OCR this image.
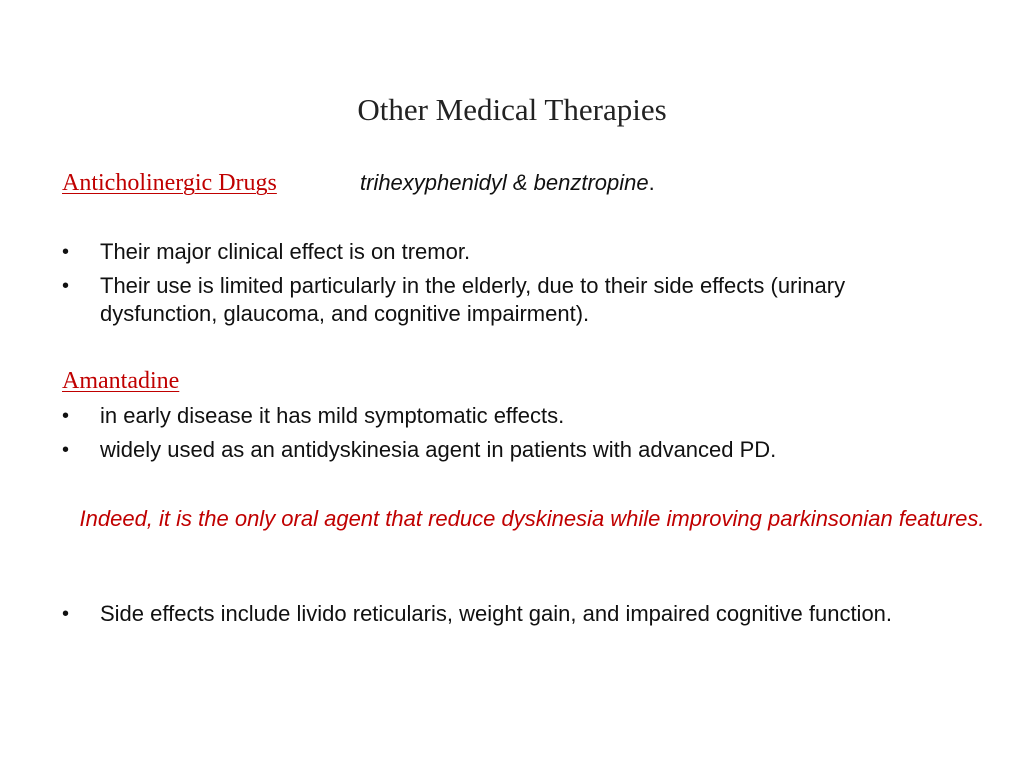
Other Medical Therapies
Anticholinergic Drugs	trihexyphenidyl & benztropine.
•	Their major clinical effect is on tremor.
•	Their use is limited particularly in the elderly, due to their side effects (urinary dysfunction, glaucoma, and cognitive impairment).
Amantadine
•	in early disease it has mild symptomatic effects.
•	widely used as an antidyskinesia agent in patients with advanced PD.
Indeed, it is the only oral agent that reduce dyskinesia while improving parkinsonian features.
•	Side effects include livido reticularis, weight gain, and impaired cognitive function.
